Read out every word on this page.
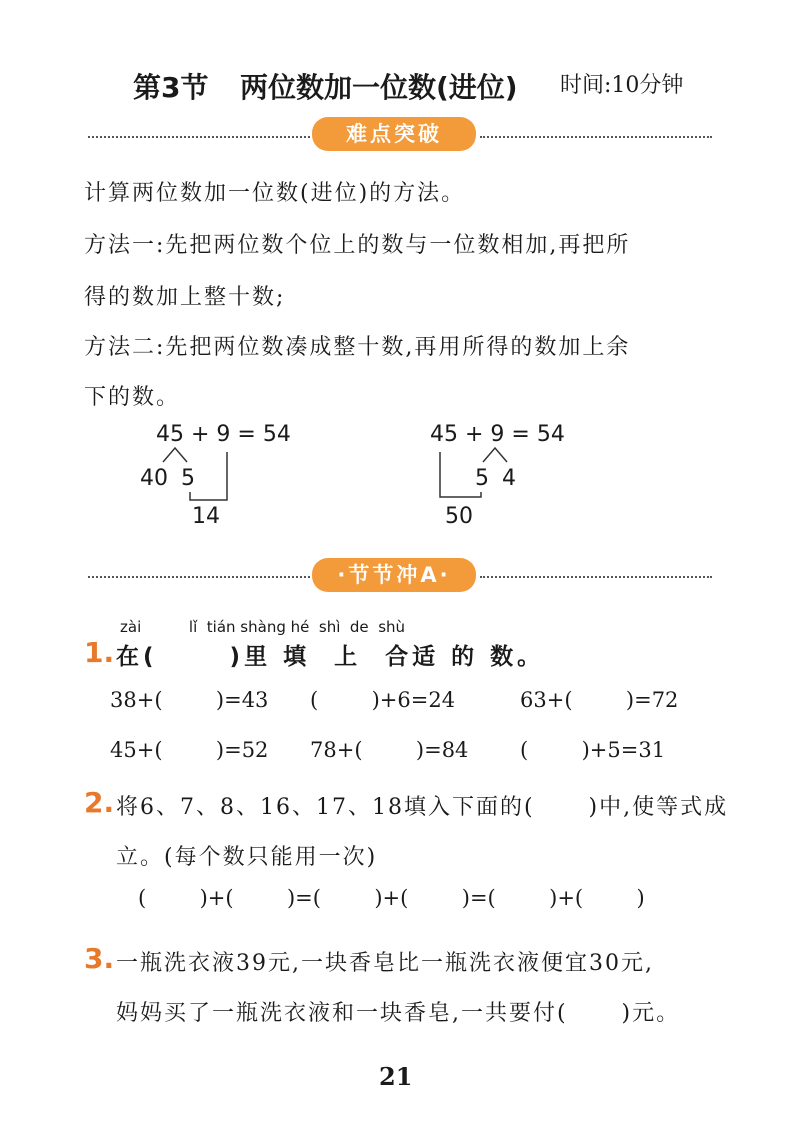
第3节 两位数加一位数(进位) 时间:10分钟
难点突破
计算两位数加一位数(进位)的方法。
方法一:先把两位数个位上的数与一位数相加,再把所
得的数加上整十数;
方法二:先把两位数凑成整十数,再用所得的数加上余
下的数。
45 + 9 = 54
40 5
14
45 + 9 = 54
5 4
50
·节节冲A·
zài          lǐ  tián shàng hé  shì  de  shù
1. 在(      )里 填  上  合适 的 数。
38+(        )=43 (        )+6=24	63+(        )=72
45+(        )=52 78+(        )=84 (        )+5=31
2. 将6、7、8、16、17、18填入下面的(      )中,使等式成
立。(每个数只能用一次)
(        )+(        )=(        )+(        )=(        )+(        )
3. 一瓶洗衣液39元,一块香皂比一瓶洗衣液便宜30元,
妈妈买了一瓶洗衣液和一块香皂,一共要付(      )元。
21
